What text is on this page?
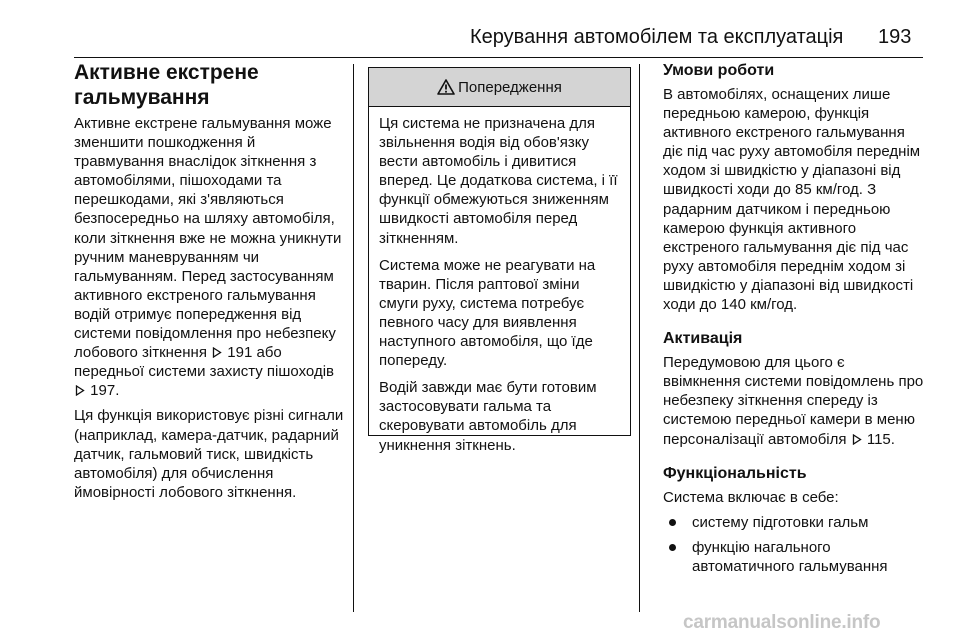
Керування автомобілем та експлуатація 193
Активне екстрене гальмування

Активне екстрене гальмування може зменшити пошкодження й травмування внаслідок зіткнення з автомобілями, пішоходами та перешкодами, які з'являються безпосередньо на шляху автомобіля, коли зіткнення вже не можна уникнути ручним маневруванням чи гальмуванням. Перед застосуванням активного екстреного гальмування водій отримує попередження від системи повідомлення про небезпеку лобового зіткнення 191 або передньої системи захисту пішоходів  197.

Ця функція використовує різні сигнали (наприклад, камера-датчик, радарний датчик, гальмовий тиск, швидкість автомобіля) для обчислення ймовірності лобового зіткнення.

Попередження

Ця система не призначена для звільнення водія від обов'язку вести автомобіль і дивитися вперед. Це додаткова система, і її функції обмежуються зниженням швидкості автомобіля перед зіткненням.

Система може не реагувати на тварин. Після раптової зміни смуги руху, система потребує певного часу для виявлення наступного автомобіля, що їде попереду.

Водій завжди має бути готовим застосовувати гальма та скеровувати автомобіль для уникнення зіткнень.

Умови роботи

В автомобілях, оснащених лише передньою камерою, функція активного екстреного гальмування діє під час руху автомобіля переднім ходом зі швидкістю у діапазоні від швидкості ходи до 85 км/год. З радарним датчиком і передньою камерою функція активного екстреного гальмування діє під час руху автомобіля переднім ходом зі швидкістю у діапазоні від швидкості ходи до 140 км/год.

Активація

Передумовою для цього є ввімкнення системи повідомлень про небезпеку зіткнення спереду із системою передньої камери в меню персоналізації автомобіля 115.

Функціональність

Система включає в себе:

систему підготовки гальм
функцію нагального автоматичного гальмування
carmanualsonline.info
